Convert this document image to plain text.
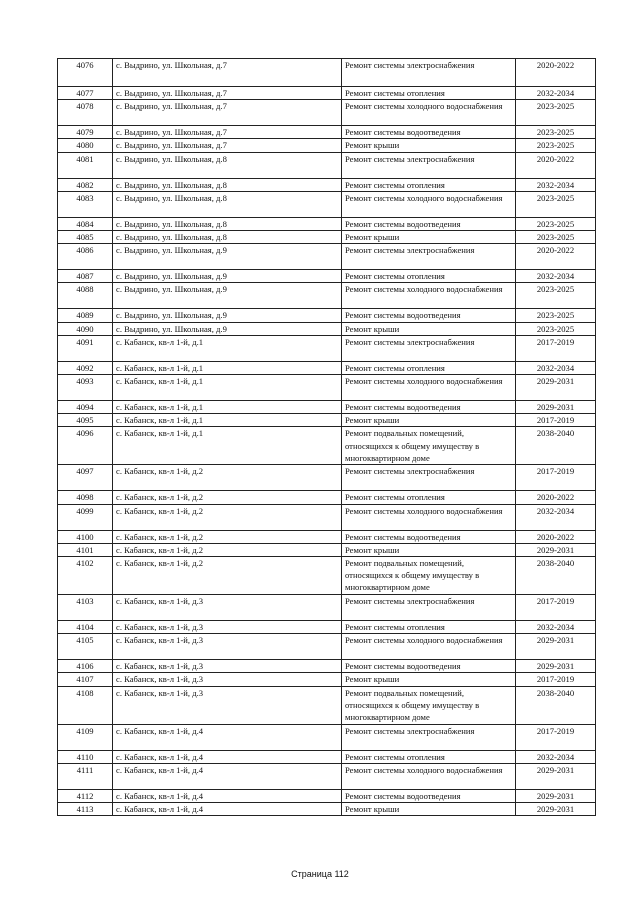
4076	с. Выдрино, ул. Школьная, д.7	Ремонт системы электроснабжения	2020-2022
4077	с. Выдрино, ул. Школьная, д.7	Ремонт системы отопления	2032-2034
4078	с. Выдрино, ул. Школьная, д.7	Ремонт системы холодного водоснабжения	2023-2025
4079	с. Выдрино, ул. Школьная, д.7	Ремонт системы водоотведения	2023-2025
4080	с. Выдрино, ул. Школьная, д.7	Ремонт крыши	2023-2025
4081	с. Выдрино, ул. Школьная, д.8	Ремонт системы электроснабжения	2020-2022
4082	с. Выдрино, ул. Школьная, д.8	Ремонт системы отопления	2032-2034
4083	с. Выдрино, ул. Школьная, д.8	Ремонт системы холодного водоснабжения	2023-2025
4084	с. Выдрино, ул. Школьная, д.8	Ремонт системы водоотведения	2023-2025
4085	с. Выдрино, ул. Школьная, д.8	Ремонт крыши	2023-2025
4086	с. Выдрино, ул. Школьная, д.9	Ремонт системы электроснабжения	2020-2022
4087	с. Выдрино, ул. Школьная, д.9	Ремонт системы отопления	2032-2034
4088	с. Выдрино, ул. Школьная, д.9	Ремонт системы холодного водоснабжения	2023-2025
4089	с. Выдрино, ул. Школьная, д.9	Ремонт системы водоотведения	2023-2025
4090	с. Выдрино, ул. Школьная, д.9	Ремонт крыши	2023-2025
4091	с. Кабанск, кв-л 1-й, д.1	Ремонт системы электроснабжения	2017-2019
4092	с. Кабанск, кв-л 1-й, д.1	Ремонт системы отопления	2032-2034
4093	с. Кабанск, кв-л 1-й, д.1	Ремонт системы холодного водоснабжения	2029-2031
4094	с. Кабанск, кв-л 1-й, д.1	Ремонт системы водоотведения	2029-2031
4095	с. Кабанск, кв-л 1-й, д.1	Ремонт крыши	2017-2019
4096	с. Кабанск, кв-л 1-й, д.1	Ремонт подвальных помещений, относящихся к общему имуществу в многоквартирном доме	2038-2040
4097	с. Кабанск, кв-л 1-й, д.2	Ремонт системы электроснабжения	2017-2019
4098	с. Кабанск, кв-л 1-й, д.2	Ремонт системы отопления	2020-2022
4099	с. Кабанск, кв-л 1-й, д.2	Ремонт системы холодного водоснабжения	2032-2034
4100	с. Кабанск, кв-л 1-й, д.2	Ремонт системы водоотведения	2020-2022
4101	с. Кабанск, кв-л 1-й, д.2	Ремонт крыши	2029-2031
4102	с. Кабанск, кв-л 1-й, д.2	Ремонт подвальных помещений, относящихся к общему имуществу в многоквартирном доме	2038-2040
4103	с. Кабанск, кв-л 1-й, д.3	Ремонт системы электроснабжения	2017-2019
4104	с. Кабанск, кв-л 1-й, д.3	Ремонт системы отопления	2032-2034
4105	с. Кабанск, кв-л 1-й, д.3	Ремонт системы холодного водоснабжения	2029-2031
4106	с. Кабанск, кв-л 1-й, д.3	Ремонт системы водоотведения	2029-2031
4107	с. Кабанск, кв-л 1-й, д.3	Ремонт крыши	2017-2019
4108	с. Кабанск, кв-л 1-й, д.3	Ремонт подвальных помещений, относящихся к общему имуществу в многоквартирном доме	2038-2040
4109	с. Кабанск, кв-л 1-й, д.4	Ремонт системы электроснабжения	2017-2019
4110	с. Кабанск, кв-л 1-й, д.4	Ремонт системы отопления	2032-2034
4111	с. Кабанск, кв-л 1-й, д.4	Ремонт системы холодного водоснабжения	2029-2031
4112	с. Кабанск, кв-л 1-й, д.4	Ремонт системы водоотведения	2029-2031
4113	с. Кабанск, кв-л 1-й, д.4	Ремонт крыши	2029-2031
Страница 112
